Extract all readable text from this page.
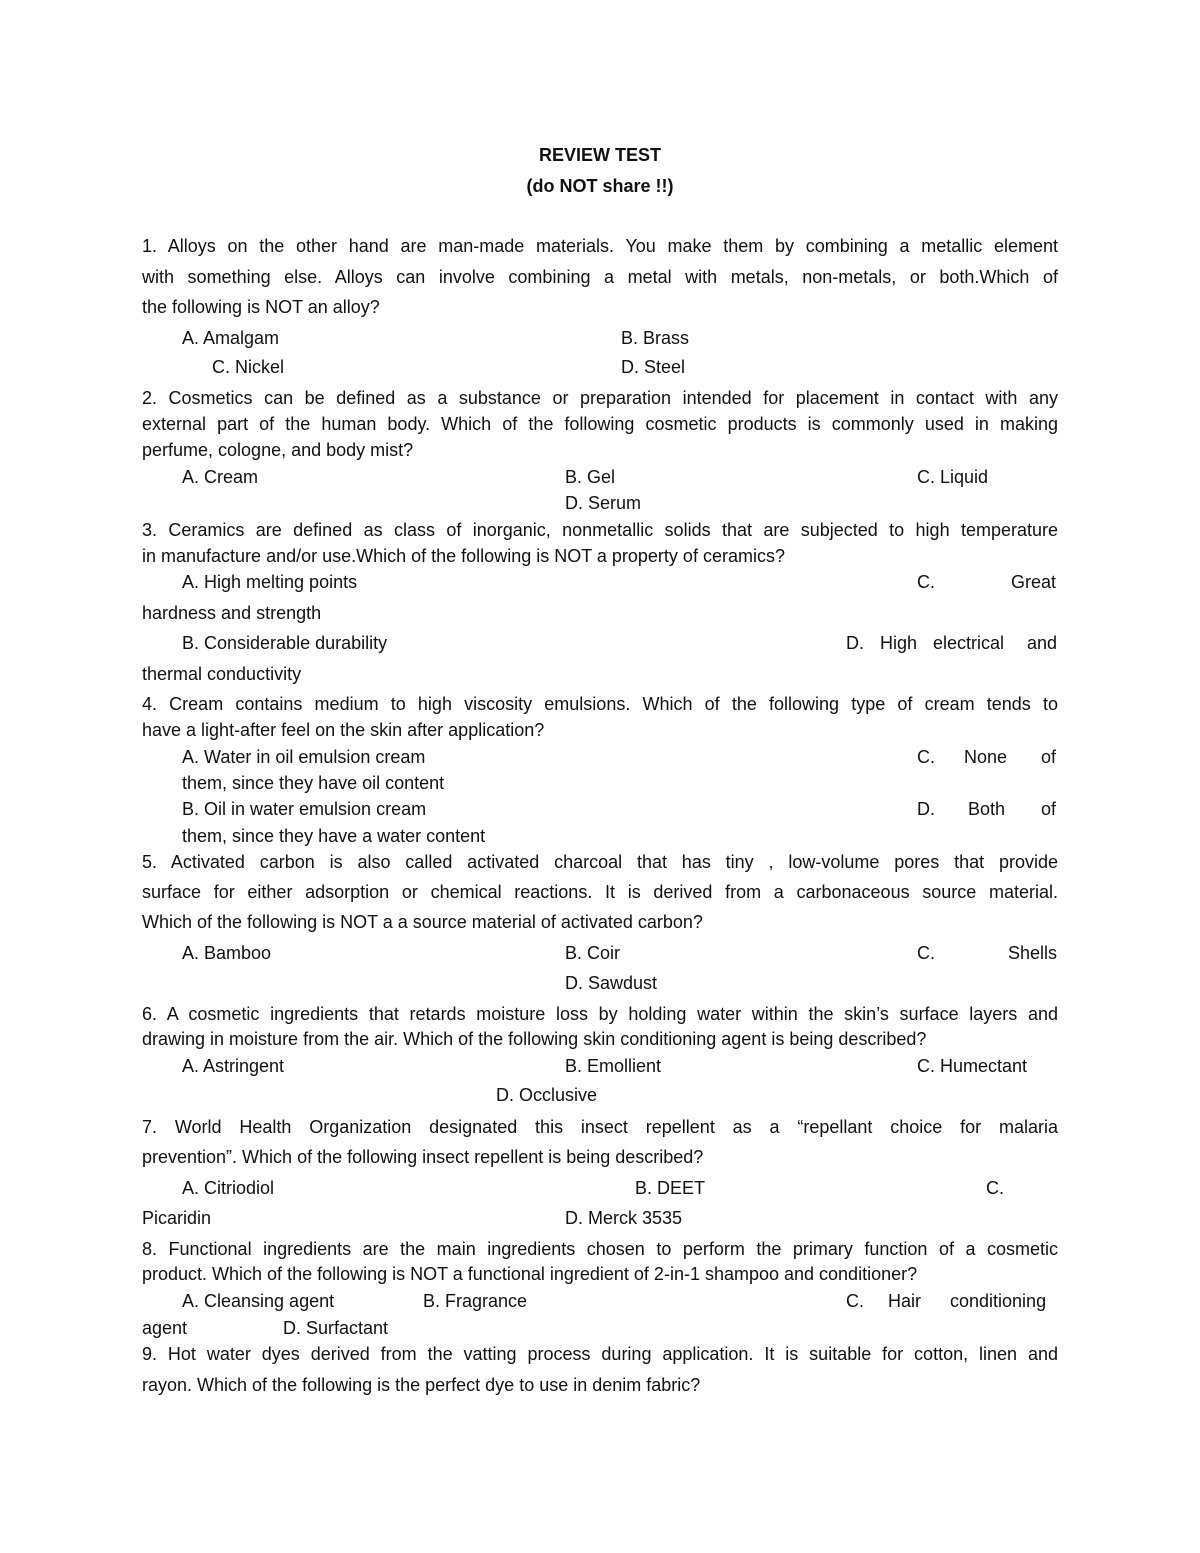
REVIEW TEST
(do NOT share !!)
1. Alloys on the other hand are man-made materials. You make them by combining a metallic element
with something else. Alloys can involve combining a metal with metals, non-metals, or both.Which of
the following is NOT an alloy?
A. Amalgam	B. Brass
C. Nickel	D. Steel
2. Cosmetics can be defined as a substance or preparation intended for placement in contact with any
external part of the human body. Which of the following cosmetic products is commonly used in making
perfume, cologne, and body mist?
A. Cream	B. Gel	C. Liquid
D. Serum
3. Ceramics are defined as class of inorganic, nonmetallic solids that are subjected to high temperature
in manufacture and/or use.Which of the following is NOT a property of ceramics?
A. High melting points	C.	Great
hardness and strength
B. Considerable durability	D. High electrical and
thermal conductivity
4. Cream contains medium to high viscosity emulsions. Which of the following type of cream tends to
have a light-after feel on the skin after application?
A. Water in oil emulsion cream	C. None of
them, since they have oil content
B. Oil in water emulsion cream	D. Both of
them, since they have a water content
5. Activated carbon is also called activated charcoal that has tiny , low-volume pores that provide
surface for either adsorption or chemical reactions. It is derived from a carbonaceous source material.
Which of the following is NOT a a source material of activated carbon?
A. Bamboo	B. Coir	C.	Shells
D. Sawdust
6. A cosmetic ingredients that retards moisture loss by holding water within the skin’s surface layers and
drawing in moisture from the air. Which of the following skin conditioning agent is being described?
A. Astringent	B. Emollient	C. Humectant
D. Occlusive
7. World Health Organization designated this insect repellent as a “repellant choice for malaria
prevention”. Which of the following insect repellent is being described?
A. Citriodiol	B. DEET	C.
Picaridin	D. Merck 3535
8. Functional ingredients are the main ingredients chosen to perform the primary function of a cosmetic
product. Which of the following is NOT a functional ingredient of 2-in-1 shampoo and conditioner?
A. Cleansing agent	B. Fragrance	C. Hair conditioning
agent	D. Surfactant
9. Hot water dyes derived from the vatting process during application. It is suitable for cotton, linen and
rayon. Which of the following is the perfect dye to use in denim fabric?
